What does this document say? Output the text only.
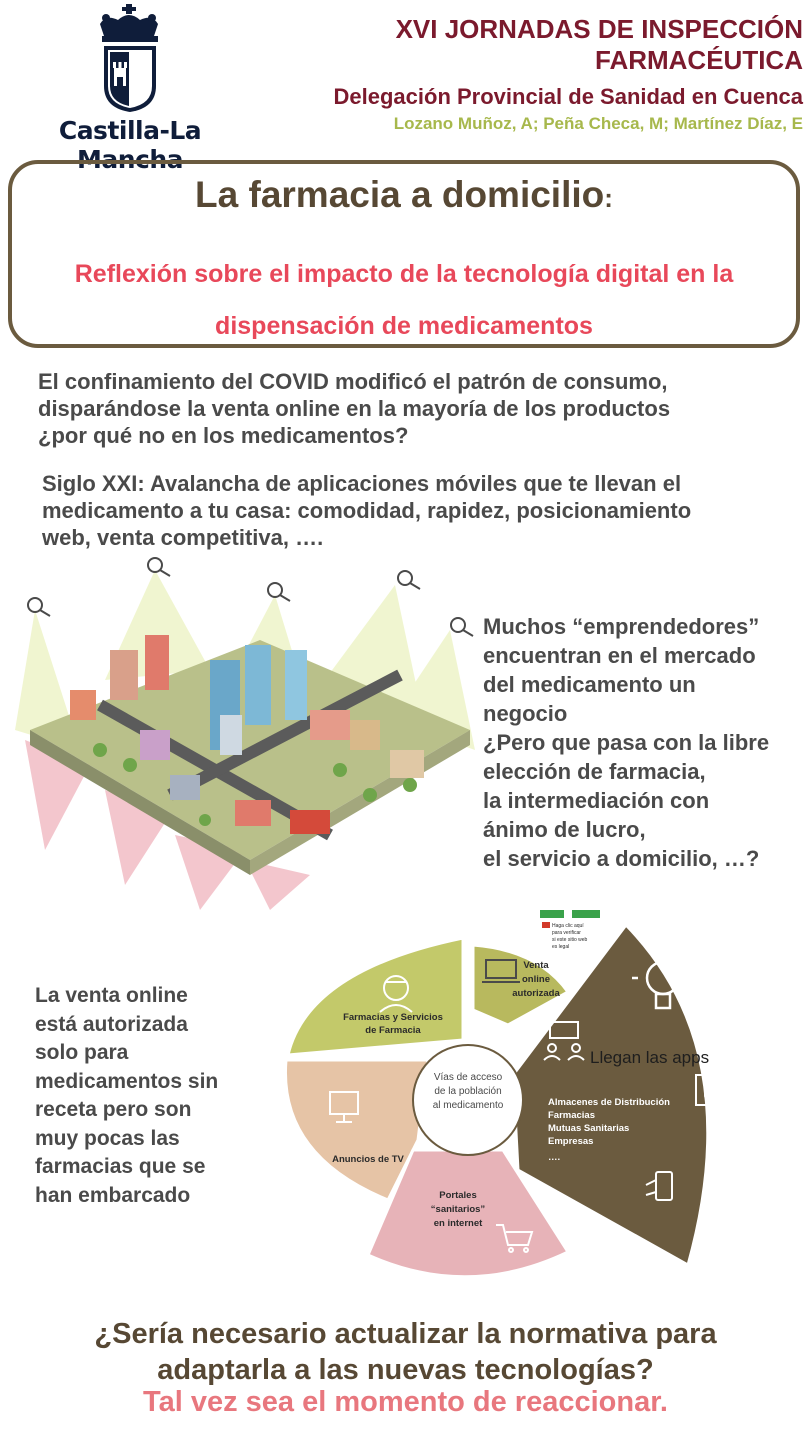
Castilla-La Mancha
XVI JORNADAS DE INSPECCIÓN
FARMACÉUTICA
Delegación Provincial de Sanidad en Cuenca
Lozano Muñoz, A; Peña Checa, M; Martínez Díaz, E
La farmacia a domicilio:
Reflexión sobre el impacto de la tecnología digital en la
dispensación de medicamentos
El confinamiento del COVID modificó el patrón de consumo,
disparándose la venta online en la mayoría de los productos
¿por qué no en los medicamentos?
Siglo XXI: Avalancha de aplicaciones móviles que te llevan el
medicamento a tu casa: comodidad, rapidez, posicionamiento
web, venta competitiva, ….
Muchos “emprendedores”
encuentran en el mercado
del medicamento un
negocio
¿Pero que pasa con la libre
elección de farmacia,
la intermediación con
ánimo de lucro,
el servicio a domicilio, …?
La venta online
está autorizada
solo para
medicamentos sin
receta pero son
muy pocas las
farmacias que se
han embarcado
Vías de acceso
de la población
al medicamento
Farmacias y Servicios
de Farmacia
Venta
online
autorizada
Haga clic aquí
para verificar
si este sitio web
es legal
Llegan las apps
Almacenes de Distribución
Farmacias
Mutuas Sanitarias
Empresas
….
Anuncios de TV
Portales
“sanitarios”
en internet
¿Sería necesario actualizar la normativa para
adaptarla a las nuevas tecnologías?
Tal vez sea el momento de reaccionar.
